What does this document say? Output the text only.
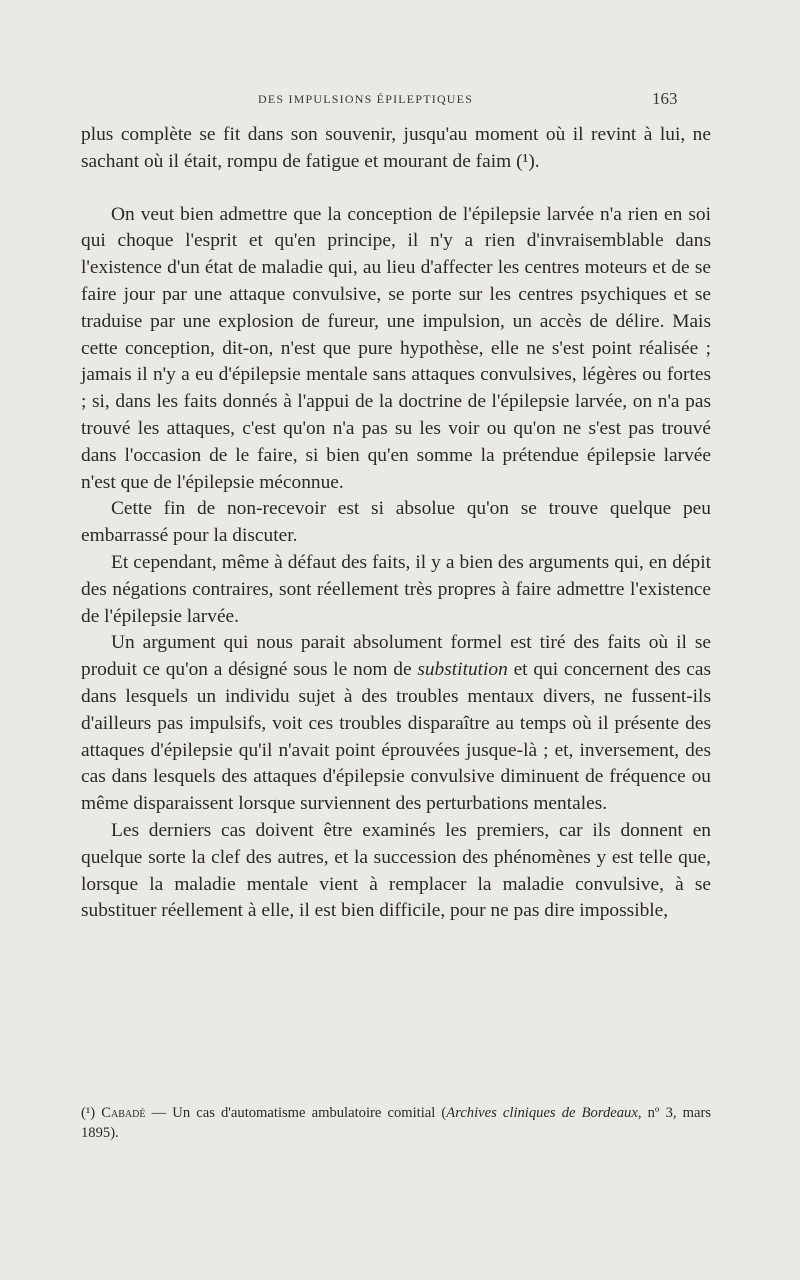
DES IMPULSIONS ÉPILEPTIQUES	163

plus complète se fit dans son souvenir, jusqu'au moment où il revint à lui, ne sachant où il était, rompu de fatigue et mourant de faim (¹).

On veut bien admettre que la conception de l'épilepsie larvée n'a rien en soi qui choque l'esprit et qu'en principe, il n'y a rien d'invraisemblable dans l'existence d'un état de maladie qui, au lieu d'affecter les centres moteurs et de se faire jour par une attaque convulsive, se porte sur les centres psychiques et se traduise par une explosion de fureur, une impulsion, un accès de délire. Mais cette conception, dit-on, n'est que pure hypothèse, elle ne s'est point réalisée ; jamais il n'y a eu d'épilepsie mentale sans attaques convulsives, légères ou fortes ; si, dans les faits donnés à l'appui de la doctrine de l'épilepsie larvée, on n'a pas trouvé les attaques, c'est qu'on n'a pas su les voir ou qu'on ne s'est pas trouvé dans l'occasion de le faire, si bien qu'en somme la prétendue épilepsie larvée n'est que de l'épilepsie méconnue.

Cette fin de non-recevoir est si absolue qu'on se trouve quelque peu embarrassé pour la discuter.

Et cependant, même à défaut des faits, il y a bien des arguments qui, en dépit des négations contraires, sont réellement très propres à faire admettre l'existence de l'épilepsie larvée.

Un argument qui nous parait absolument formel est tiré des faits où il se produit ce qu'on a désigné sous le nom de substitution et qui concernent des cas dans lesquels un individu sujet à des troubles mentaux divers, ne fussent-ils d'ailleurs pas impulsifs, voit ces troubles disparaître au temps où il présente des attaques d'épilepsie qu'il n'avait point éprouvées jusque-là ; et, inversement, des cas dans lesquels des attaques d'épilepsie convulsive diminuent de fréquence ou même disparaissent lorsque surviennent des perturbations mentales.

Les derniers cas doivent être examinés les premiers, car ils donnent en quelque sorte la clef des autres, et la succession des phénomènes y est telle que, lorsque la maladie mentale vient à remplacer la maladie convulsive, à se substituer réellement à elle, il est bien difficile, pour ne pas dire impossible,

(¹) Cabadé — Un cas d'automatisme ambulatoire comitial (Archives cliniques de Bordeaux, nº 3, mars 1895).
